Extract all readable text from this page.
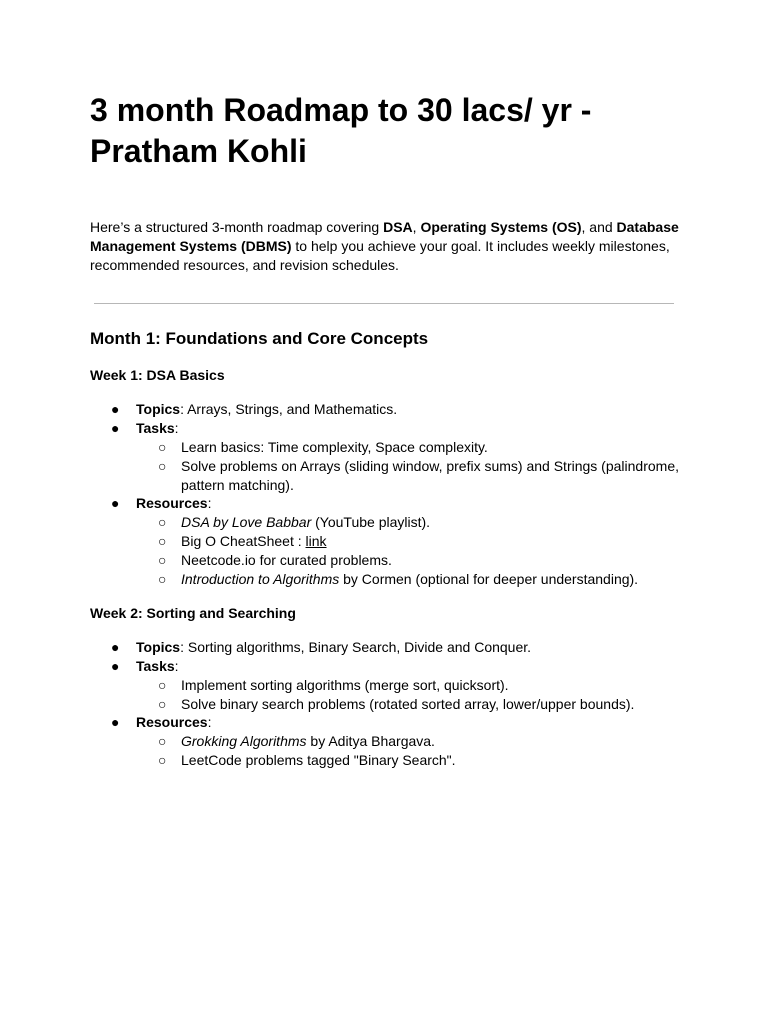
3 month Roadmap to 30 lacs/ yr - Pratham Kohli

Here’s a structured 3-month roadmap covering DSA, Operating Systems (OS), and Database Management Systems (DBMS) to help you achieve your goal. It includes weekly milestones, recommended resources, and revision schedules.

Month 1: Foundations and Core Concepts
Week 1: DSA Basics
● Topics: Arrays, Strings, and Mathematics.
● Tasks:
○ Learn basics: Time complexity, Space complexity.
○ Solve problems on Arrays (sliding window, prefix sums) and Strings (palindrome, pattern matching).
● Resources:
○ DSA by Love Babbar (YouTube playlist).
○ Big O CheatSheet : link
○ Neetcode.io for curated problems.
○ Introduction to Algorithms by Cormen (optional for deeper understanding).
Week 2: Sorting and Searching
● Topics: Sorting algorithms, Binary Search, Divide and Conquer.
● Tasks:
○ Implement sorting algorithms (merge sort, quicksort).
○ Solve binary search problems (rotated sorted array, lower/upper bounds).
● Resources:
○ Grokking Algorithms by Aditya Bhargava.
○ LeetCode problems tagged "Binary Search".
